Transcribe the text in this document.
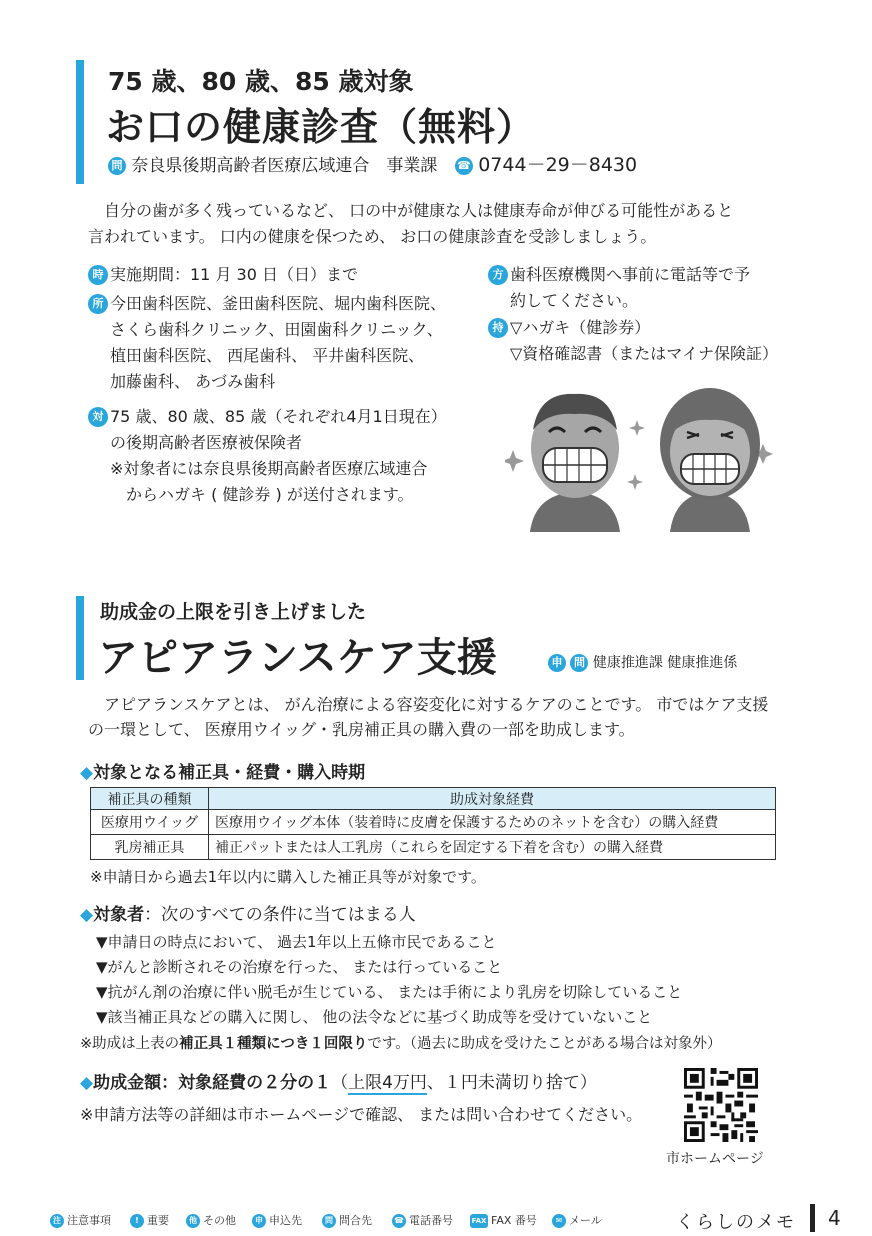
75 歳、80 歳、85 歳対象
お口の健康診査（無料）
問 奈良県後期高齢者医療広域連合　事業課 ☎ 0744－29－8430
　自分の歯が多く残っているなど、 口の中が健康な人は健康寿命が伸びる可能性があると
言われています。 口内の健康を保つため、 お口の健康診査を受診しましょう。
時 実施期間：11 月 30 日（日）まで
所 今田歯科医院、釜田歯科医院、堀内歯科医院、
さくら歯科クリニック、田園歯科クリニック、
植田歯科医院、 西尾歯科、 平井歯科医院、
加藤歯科、 あづみ歯科
対 75 歳、80 歳、85 歳（それぞれ4月1日現在）
の後期高齢者医療被保険者
※対象者には奈良県後期高齢者医療広域連合
　からハガキ ( 健診券 ) が送付されます。
方 歯科医療機関へ事前に電話等で予
約してください。
持 ▽ハガキ（健診券）
▽資格確認書（またはマイナ保険証）
助成金の上限を引き上げました
アピアランスケア支援	申 問 健康推進課 健康推進係
　アピアランスケアとは、 がん治療による容姿変化に対するケアのことです。 市ではケア支援
の一環として、 医療用ウイッグ・乳房補正具の購入費の一部を助成します。
◆対象となる補正具・経費・購入時期
補正具の種類	助成対象経費
医療用ウイッグ	医療用ウイッグ本体（装着時に皮膚を保護するためのネットを含む）の購入経費
乳房補正具	補正パットまたは人工乳房（これらを固定する下着を含む）の購入経費
※申請日から過去1年以内に購入した補正具等が対象です。
◆対象者：次のすべての条件に当てはまる人
▼申請日の時点において、 過去1年以上五條市民であること
▼がんと診断されその治療を行った、 または行っていること
▼抗がん剤の治療に伴い脱毛が生じている、 または手術により乳房を切除していること
▼該当補正具などの購入に関し、 他の法令などに基づく助成等を受けていないこと
※助成は上表の補正具１種類につき１回限りです。（過去に助成を受けたことがある場合は対象外）
◆助成金額：対象経費の２分の１（上限4万円、１円未満切り捨て）
※申請方法等の詳細は市ホームページで確認、 または問い合わせてください。
市ホームページ
注 注意事項	! 重要	他 その他	申 申込先	問 問合先	☎ 電話番号	FAX FAX 番号	✉ メール	くらしのメモ 4
